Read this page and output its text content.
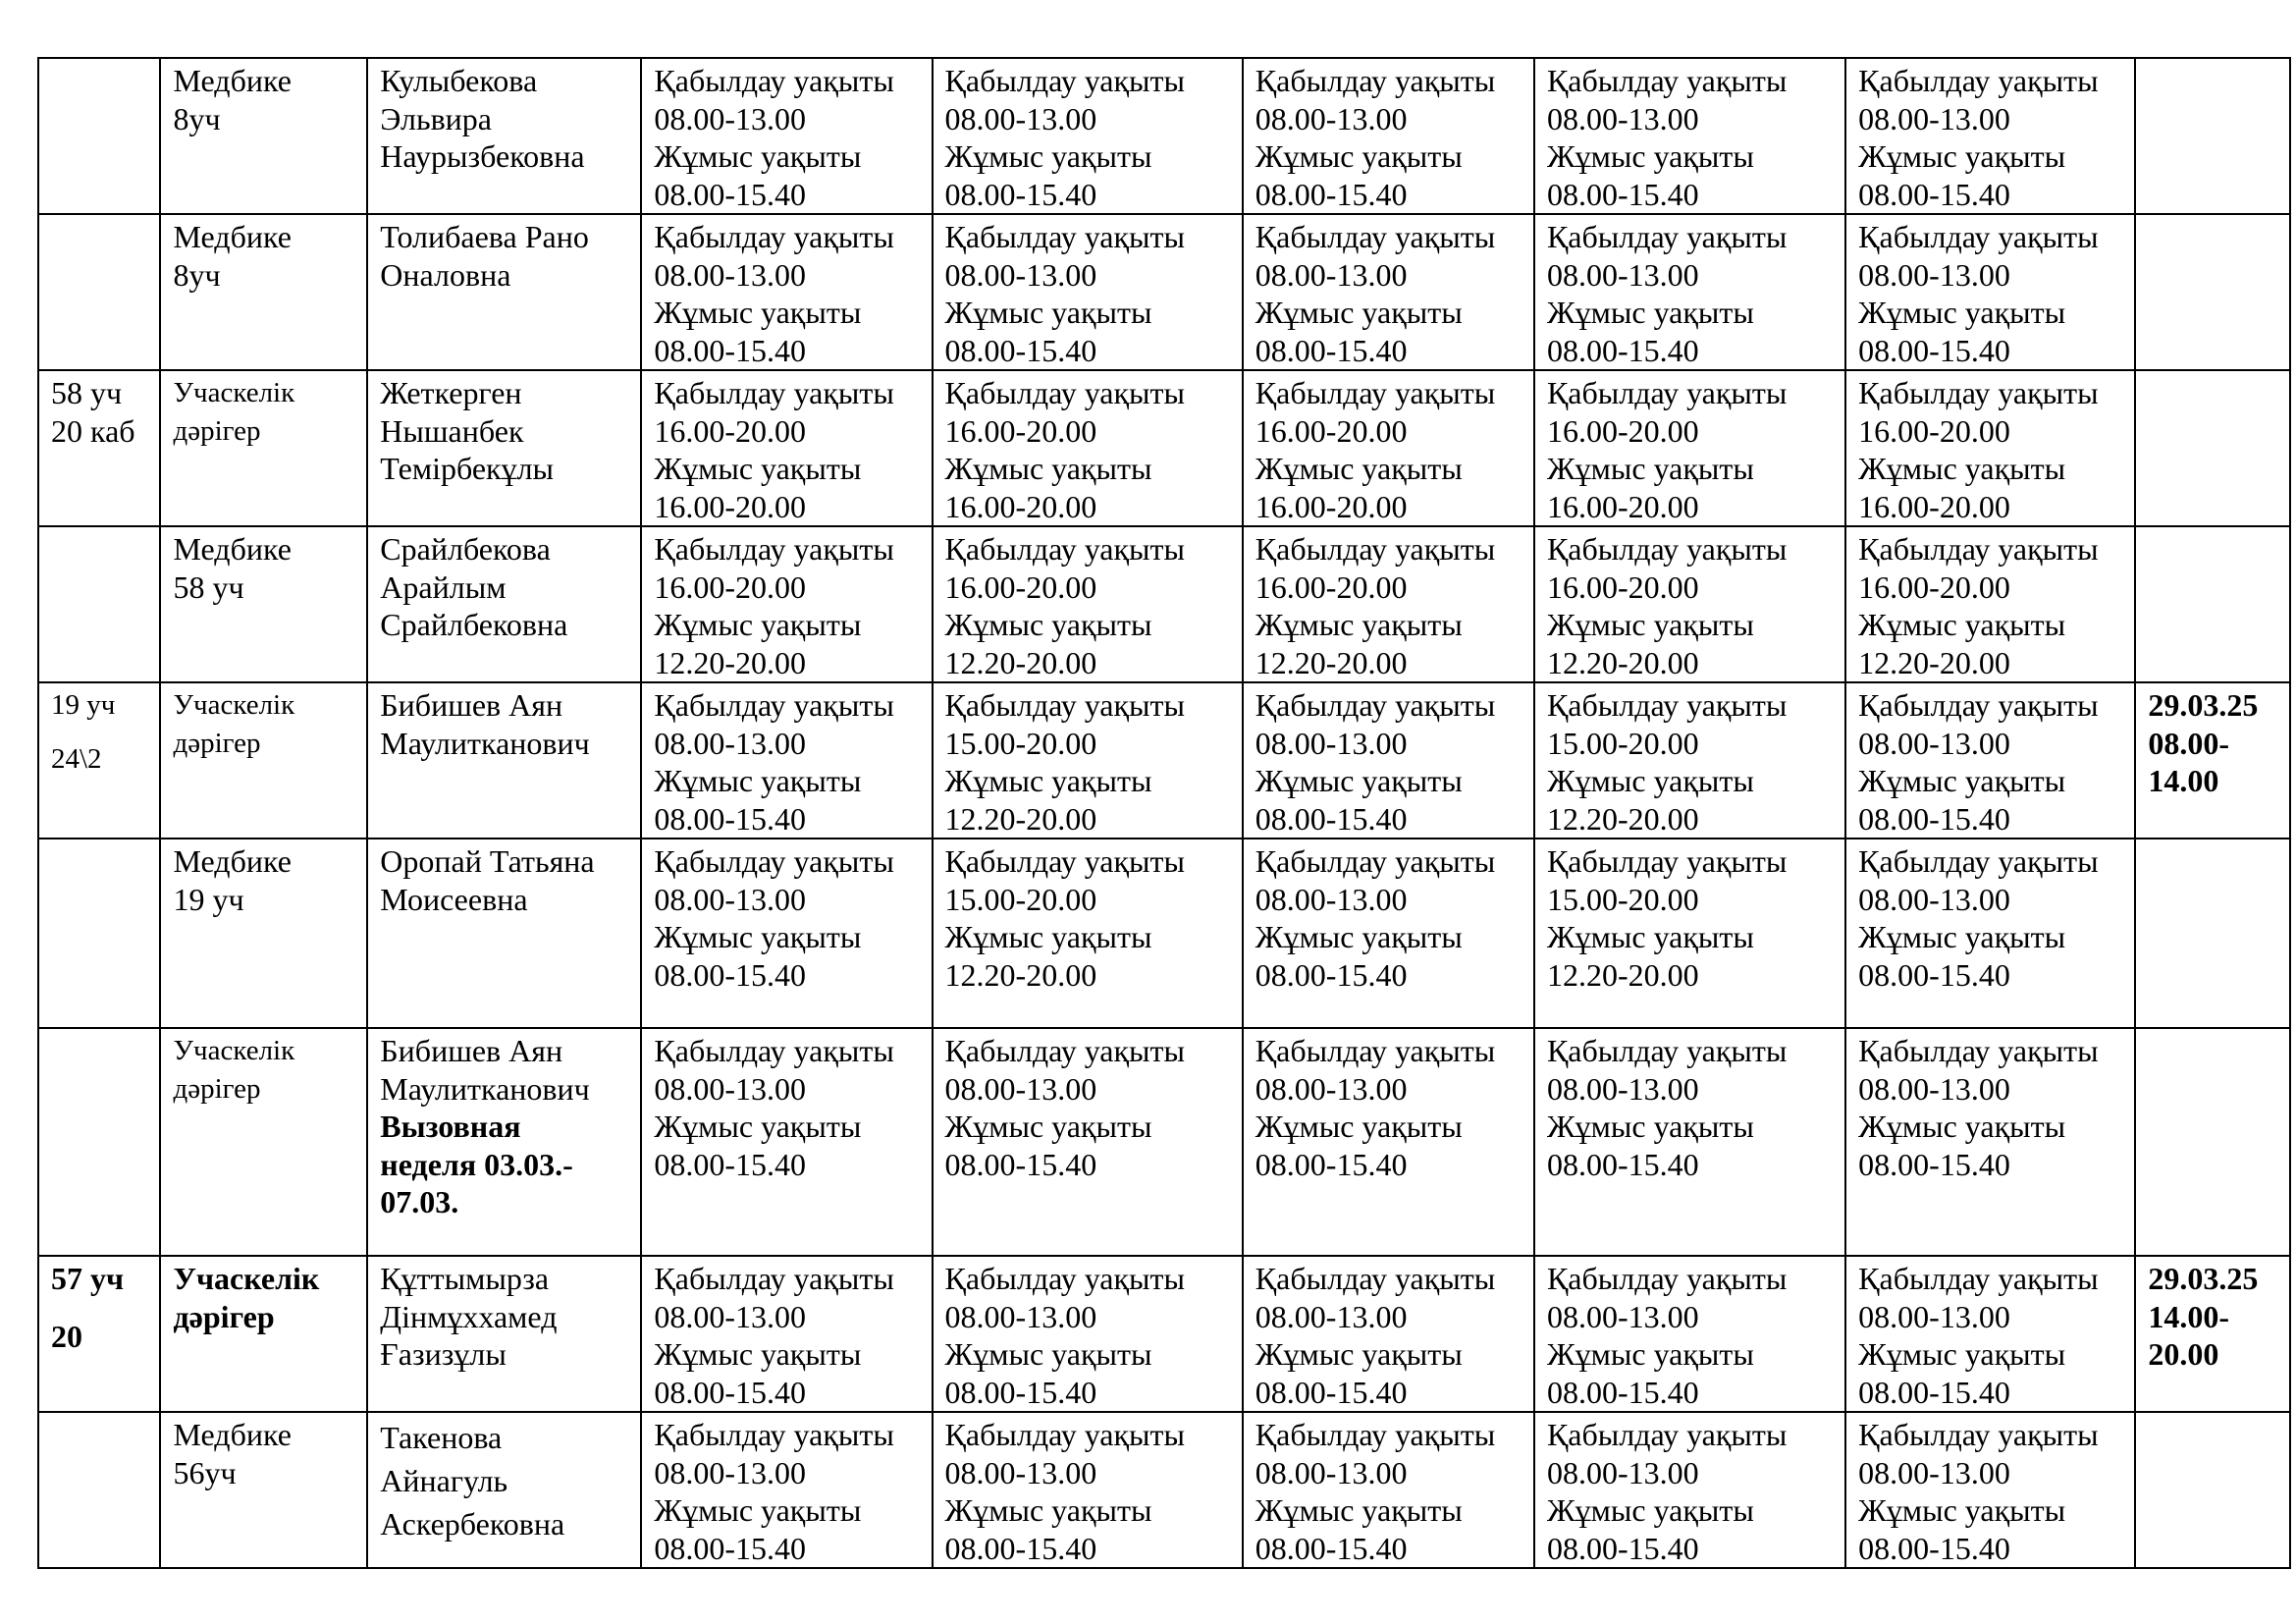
	Медбике
8уч	Кулыбекова
Эльвира
Наурызбековна	Қабылдау уақыты
08.00-13.00
Жұмыс уақыты
08.00-15.40	Қабылдау уақыты
08.00-13.00
Жұмыс уақыты
08.00-15.40	Қабылдау уақыты
08.00-13.00
Жұмыс уақыты
08.00-15.40	Қабылдау уақыты
08.00-13.00
Жұмыс уақыты
08.00-15.40	Қабылдау уақыты
08.00-13.00
Жұмыс уақыты
08.00-15.40	

	Медбике
8уч	Толибаева Рано
Оналовна	Қабылдау уақыты
08.00-13.00
Жұмыс уақыты
08.00-15.40	Қабылдау уақыты
08.00-13.00
Жұмыс уақыты
08.00-15.40	Қабылдау уақыты
08.00-13.00
Жұмыс уақыты
08.00-15.40	Қабылдау уақыты
08.00-13.00
Жұмыс уақыты
08.00-15.40	Қабылдау уақыты
08.00-13.00
Жұмыс уақыты
08.00-15.40	

58 уч
20 каб	Учаскелік
дәрігер	Жеткерген
Нышанбек
Темірбекұлы	Қабылдау уақыты
16.00-20.00
Жұмыс уақыты
16.00-20.00	Қабылдау уақыты
16.00-20.00
Жұмыс уақыты
16.00-20.00	Қабылдау уақыты
16.00-20.00
Жұмыс уақыты
16.00-20.00	Қабылдау уақыты
16.00-20.00
Жұмыс уақыты
16.00-20.00	Қабылдау уақыты
16.00-20.00
Жұмыс уақыты
16.00-20.00	

	Медбике
58 уч	Срайлбекова
Арайлым
Срайлбековна	Қабылдау уақыты
16.00-20.00
Жұмыс уақыты
12.20-20.00	Қабылдау уақыты
16.00-20.00
Жұмыс уақыты
12.20-20.00	Қабылдау уақыты
16.00-20.00
Жұмыс уақыты
12.20-20.00	Қабылдау уақыты
16.00-20.00
Жұмыс уақыты
12.20-20.00	Қабылдау уақыты
16.00-20.00
Жұмыс уақыты
12.20-20.00	

19 уч
24\2	Учаскелік
дәрігер	Бибишев Аян
Маулитканович	Қабылдау уақыты
08.00-13.00
Жұмыс уақыты
08.00-15.40	Қабылдау уақыты
15.00-20.00
Жұмыс уақыты
12.20-20.00	Қабылдау уақыты
08.00-13.00
Жұмыс уақыты
08.00-15.40	Қабылдау уақыты
15.00-20.00
Жұмыс уақыты
12.20-20.00	Қабылдау уақыты
08.00-13.00
Жұмыс уақыты
08.00-15.40	29.03.25
08.00-
14.00

	Медбике
19 уч	Оропай Татьяна
Моисеевна	Қабылдау уақыты
08.00-13.00
Жұмыс уақыты
08.00-15.40	Қабылдау уақыты
15.00-20.00
Жұмыс уақыты
12.20-20.00	Қабылдау уақыты
08.00-13.00
Жұмыс уақыты
08.00-15.40	Қабылдау уақыты
15.00-20.00
Жұмыс уақыты
12.20-20.00	Қабылдау уақыты
08.00-13.00
Жұмыс уақыты
08.00-15.40	

	Учаскелік
дәрігер	Бибишев Аян
Маулитканович
Вызовная
неделя 03.03.-
07.03.	Қабылдау уақыты
08.00-13.00
Жұмыс уақыты
08.00-15.40	Қабылдау уақыты
08.00-13.00
Жұмыс уақыты
08.00-15.40	Қабылдау уақыты
08.00-13.00
Жұмыс уақыты
08.00-15.40	Қабылдау уақыты
08.00-13.00
Жұмыс уақыты
08.00-15.40	Қабылдау уақыты
08.00-13.00
Жұмыс уақыты
08.00-15.40	

57 уч
20	Учаскелік
дәрігер	Құттымырза
Дінмұххамед
Ғазизұлы	Қабылдау уақыты
08.00-13.00
Жұмыс уақыты
08.00-15.40	Қабылдау уақыты
08.00-13.00
Жұмыс уақыты
08.00-15.40	Қабылдау уақыты
08.00-13.00
Жұмыс уақыты
08.00-15.40	Қабылдау уақыты
08.00-13.00
Жұмыс уақыты
08.00-15.40	Қабылдау уақыты
08.00-13.00
Жұмыс уақыты
08.00-15.40	29.03.25
14.00-
20.00

	Медбике
56уч	Такенова
Айнагуль
Аскербековна	Қабылдау уақыты
08.00-13.00
Жұмыс уақыты
08.00-15.40	Қабылдау уақыты
08.00-13.00
Жұмыс уақыты
08.00-15.40	Қабылдау уақыты
08.00-13.00
Жұмыс уақыты
08.00-15.40	Қабылдау уақыты
08.00-13.00
Жұмыс уақыты
08.00-15.40	Қабылдау уақыты
08.00-13.00
Жұмыс уақыты
08.00-15.40	
